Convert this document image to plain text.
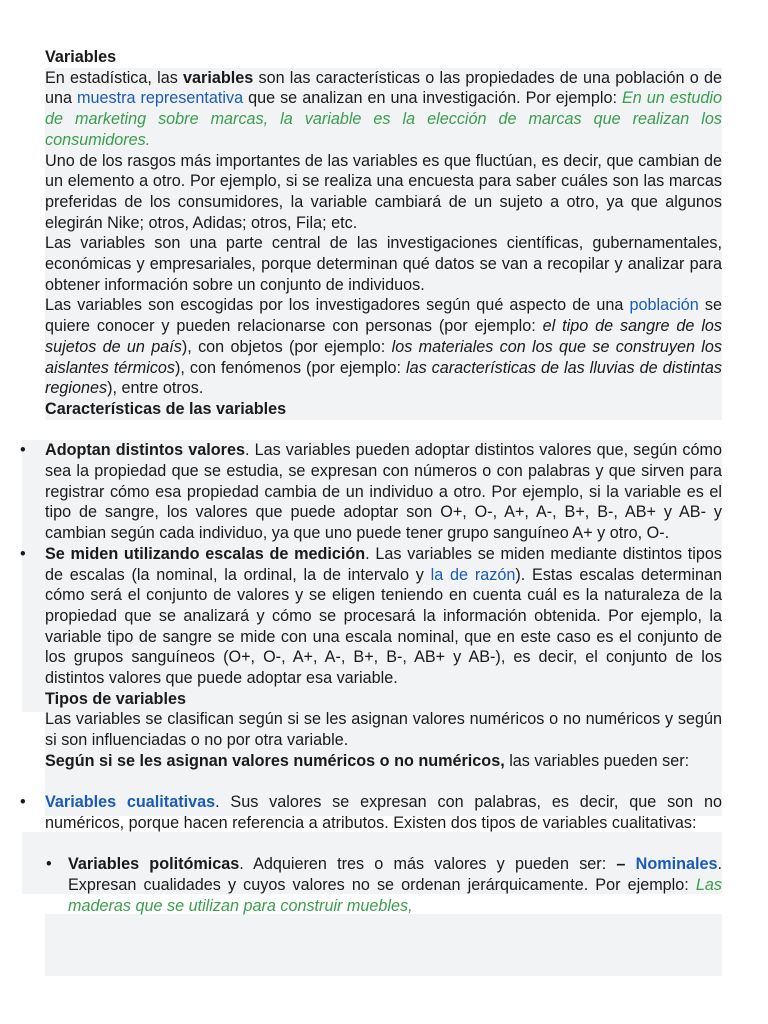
Variables

En estadística, las variables son las características o las propiedades de una población o de una muestra representativa que se analizan en una investigación. Por ejemplo: En un estudio de marketing sobre marcas, la variable es la elección de marcas que realizan los consumidores.

Uno de los rasgos más importantes de las variables es que fluctúan, es decir, que cambian de un elemento a otro. Por ejemplo, si se realiza una encuesta para saber cuáles son las marcas preferidas de los consumidores, la variable cambiará de un sujeto a otro, ya que algunos elegirán Nike; otros, Adidas; otros, Fila; etc.

Las variables son una parte central de las investigaciones científicas, gubernamentales, económicas y empresariales, porque determinan qué datos se van a recopilar y analizar para obtener información sobre un conjunto de individuos.

Las variables son escogidas por los investigadores según qué aspecto de una población se quiere conocer y pueden relacionarse con personas (por ejemplo: el tipo de sangre de los sujetos de un país), con objetos (por ejemplo: los materiales con los que se construyen los aislantes térmicos), con fenómenos (por ejemplo: las características de las lluvias de distintas regiones), entre otros.

Características de las variables
• Adoptan distintos valores. Las variables pueden adoptar distintos valores que, según cómo sea la propiedad que se estudia, se expresan con números o con palabras y que sirven para registrar cómo esa propiedad cambia de un individuo a otro. Por ejemplo, si la variable es el tipo de sangre, los valores que puede adoptar son O+, O-, A+, A-, B+, B-, AB+ y AB- y cambian según cada individuo, ya que uno puede tener grupo sanguíneo A+ y otro, O-.
• Se miden utilizando escalas de medición. Las variables se miden mediante distintos tipos de escalas (la nominal, la ordinal, la de intervalo y la de razón). Estas escalas determinan cómo será el conjunto de valores y se eligen teniendo en cuenta cuál es la naturaleza de la propiedad que se analizará y cómo se procesará la información obtenida. Por ejemplo, la variable tipo de sangre se mide con una escala nominal, que en este caso es el conjunto de los grupos sanguíneos (O+, O-, A+, A-, B+, B-, AB+ y AB-), es decir, el conjunto de los distintos valores que puede adoptar esa variable.
Tipos de variables

Las variables se clasifican según si se les asignan valores numéricos o no numéricos y según si son influenciadas o no por otra variable.

Según si se les asignan valores numéricos o no numéricos, las variables pueden ser:

• Variables cualitativas. Sus valores se expresan con palabras, es decir, que son no numéricos, porque hacen referencia a atributos. Existen dos tipos de variables cualitativas:
• Variables politómicas. Adquieren tres o más valores y pueden ser: – Nominales. Expresan cualidades y cuyos valores no se ordenan jerárquicamente. Por ejemplo: Las maderas que se utilizan para construir muebles,
